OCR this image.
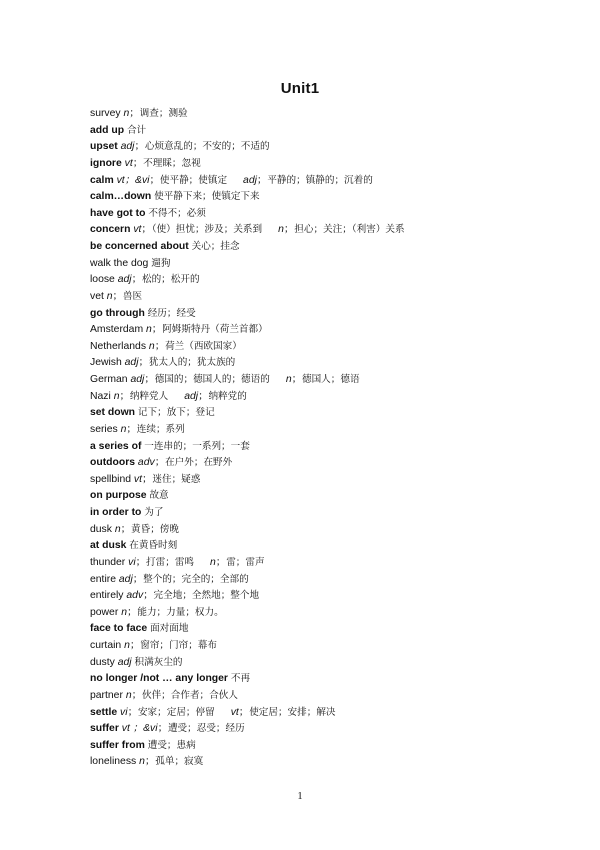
Unit1
survey n；调查；测验
add up 合计
upset adj；心烦意乱的；不安的；不适的
ignore vt；不理睬；忽视
calm vt；&vi；使平静；使镇定 adj；平静的；镇静的；沉着的
calm…down 使平静下来；使镇定下来
have got to 不得不；必须
concern vt；（使）担忧；涉及；关系到 n；担心；关注；（利害）关系
be concerned about 关心；挂念
walk the dog 遛狗
loose adj；松的；松开的
vet n；兽医
go through 经历；经受
Amsterdam n；阿姆斯特丹（荷兰首都）
Netherlands n；荷兰（西欧国家）
Jewish adj；犹太人的；犹太族的
German adj；德国的；德国人的；德语的 n；德国人；德语
Nazi n；纳粹党人 adj；纳粹党的
set down 记下；放下；登记
series n；连续；系列
a series of 一连串的；一系列；一套
outdoors adv；在户外；在野外
spellbind vt；迷住；疑惑
on purpose 故意
in order to 为了
dusk n；黄昏；傍晚
at dusk 在黄昏时刻
thunder vi；打雷；雷鸣 n；雷；雷声
entire adj；整个的；完全的；全部的
entirely adv；完全地；全然地；整个地
power n；能力；力量；权力。
face to face 面对面地
curtain n；窗帘；门帘；幕布
dusty adj 积满灰尘的
no longer /not … any longer 不再
partner n；伙伴；合作者；合伙人
settle vi；安家；定居；停留 vt；使定居；安排；解决
suffer vt ；&vi；遭受；忍受；经历
suffer from 遭受；患病
loneliness n；孤单；寂寞
1
